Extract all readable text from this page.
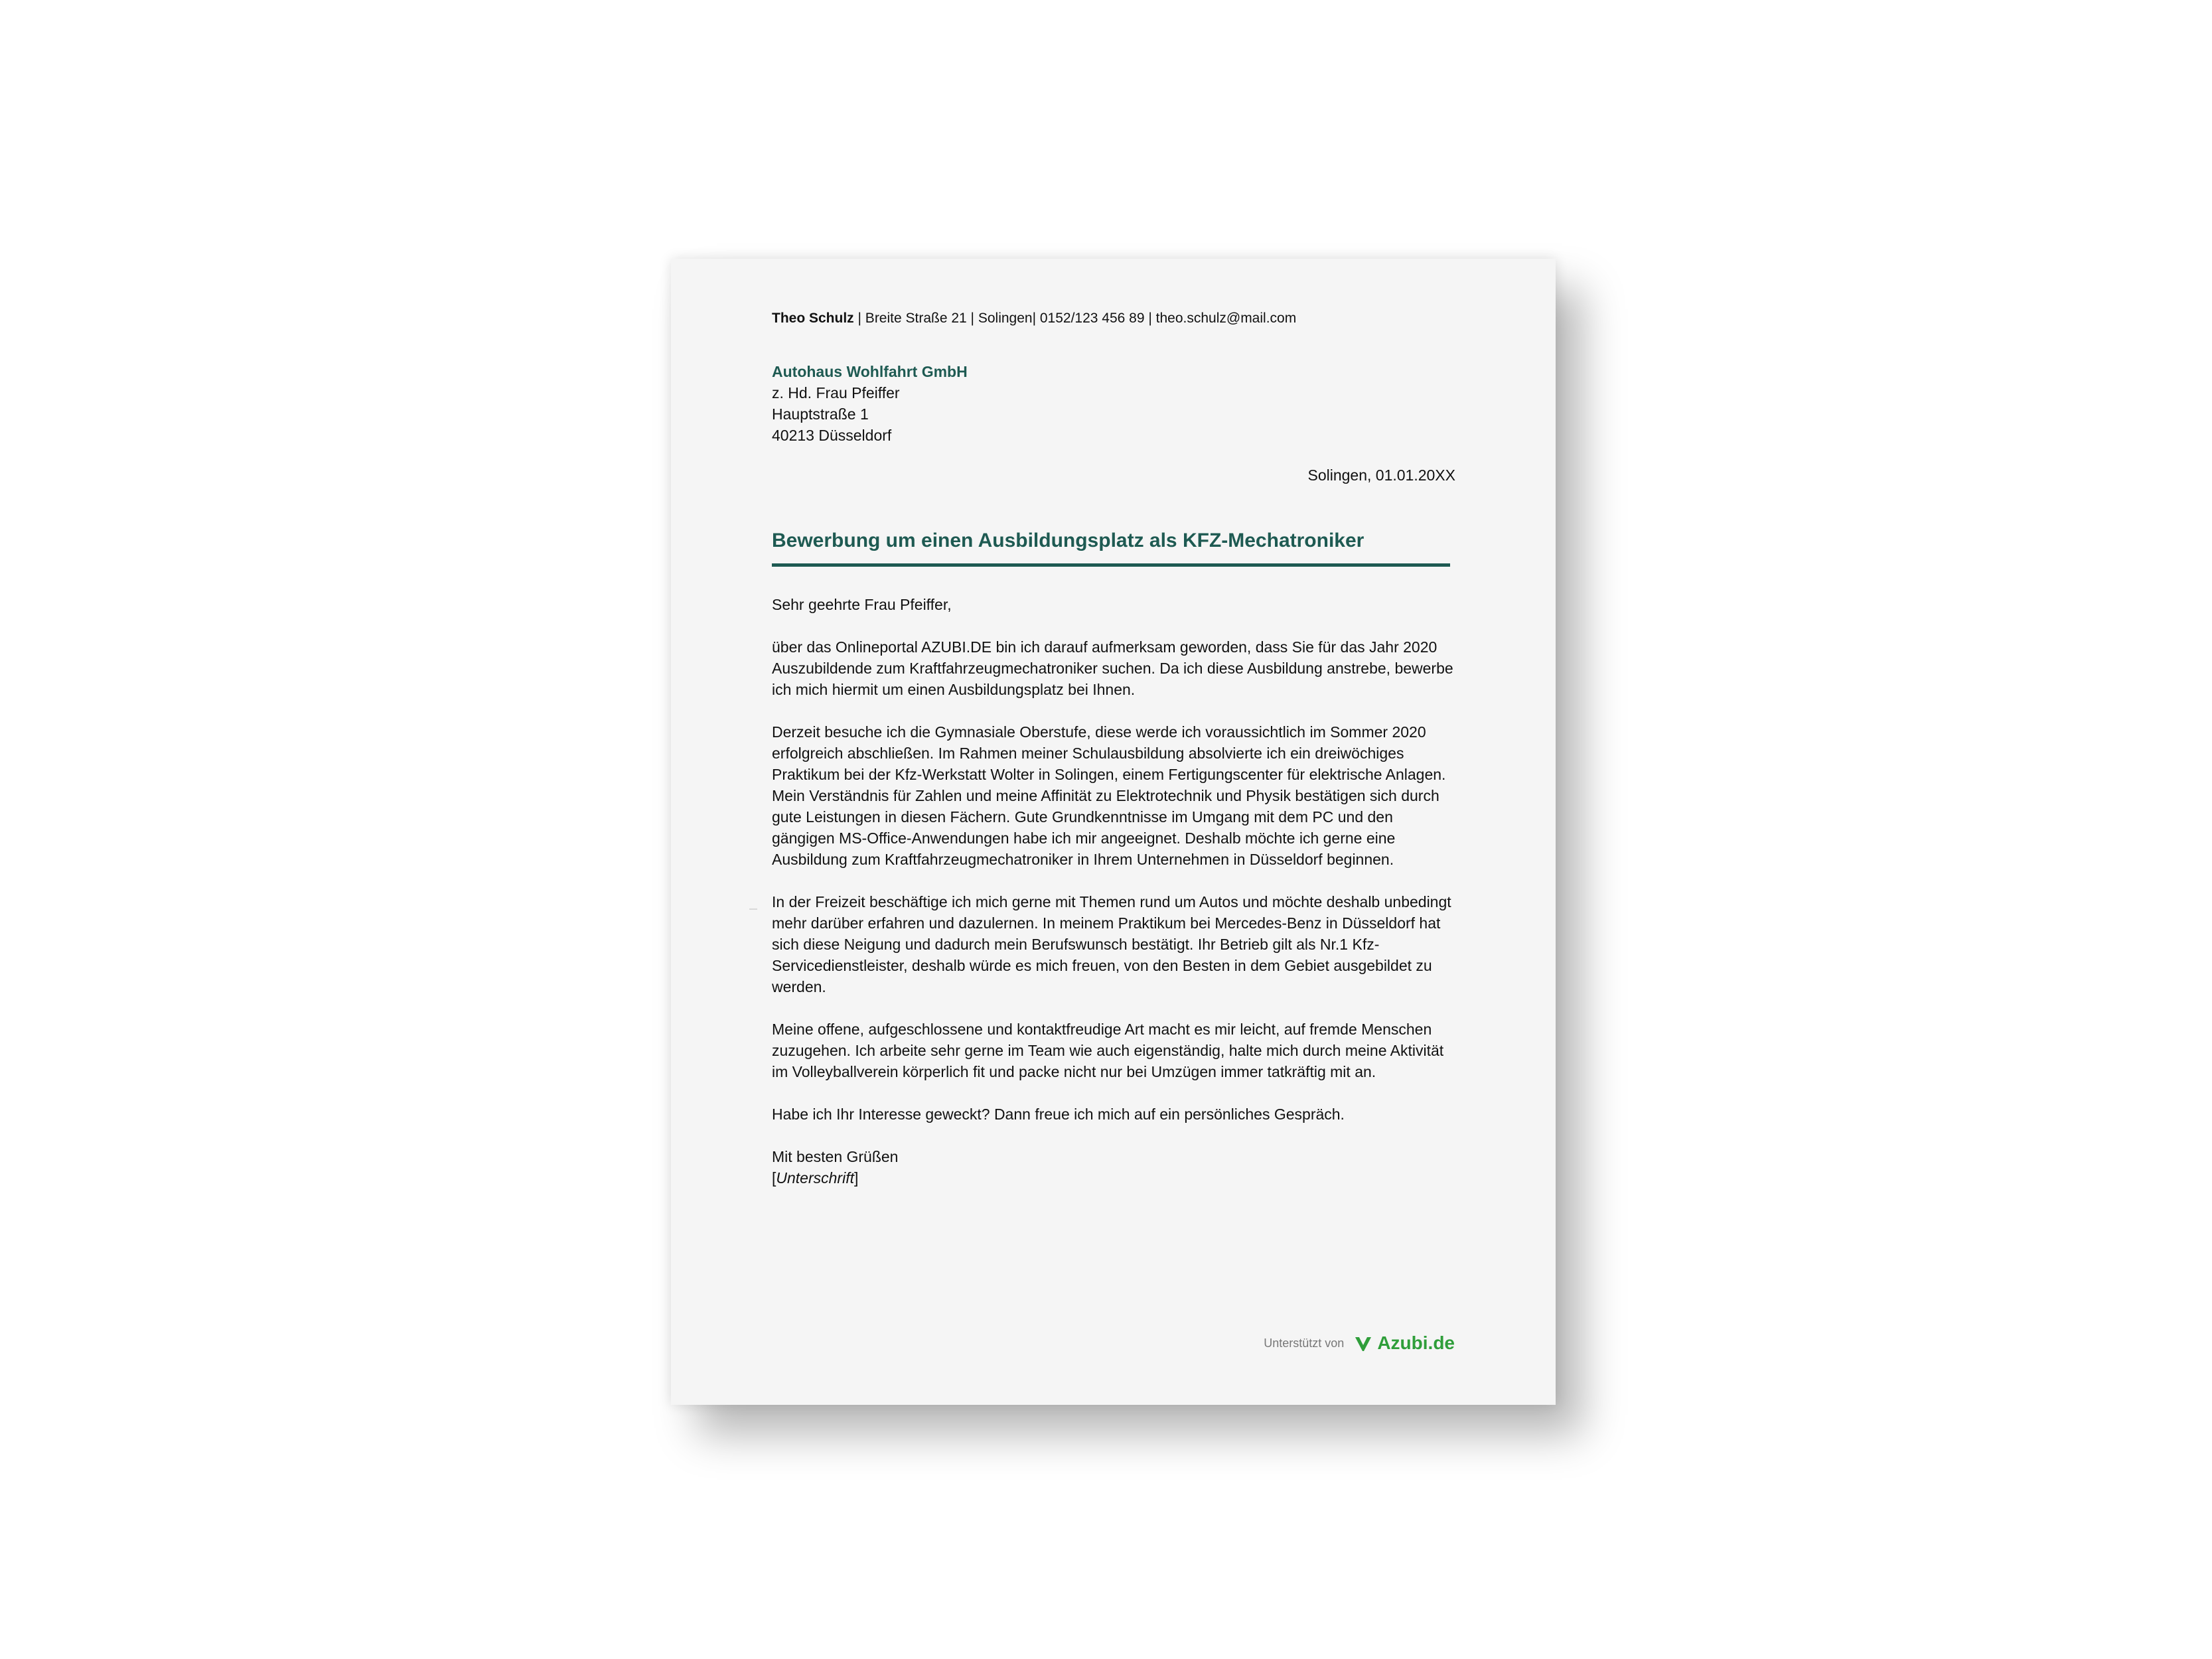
Theo Schulz | Breite Straße 21 | Solingen| 0152/123 456 89 | theo.schulz@mail.com
Autohaus Wohlfahrt GmbH
z. Hd. Frau Pfeiffer
Hauptstraße 1
40213 Düsseldorf
Solingen, 01.01.20XX
Bewerbung um einen Ausbildungsplatz als KFZ-Mechatroniker

Sehr geehrte Frau Pfeiffer,

über das Onlineportal AZUBI.DE bin ich darauf aufmerksam geworden, dass Sie für das Jahr 2020 Auszubildende zum Kraftfahrzeugmechatroniker suchen. Da ich diese Ausbildung anstrebe, bewerbe ich mich hiermit um einen Ausbildungsplatz bei Ihnen.

Derzeit besuche ich die Gymnasiale Oberstufe, diese werde ich voraussichtlich im Sommer 2020 erfolgreich abschließen. Im Rahmen meiner Schulausbildung absolvierte ich ein dreiwöchiges Praktikum bei der Kfz-Werkstatt Wolter in Solingen, einem Fertigungscenter für elektrische Anlagen. Mein Verständnis für Zahlen und meine Affinität zu Elektrotechnik und Physik bestätigen sich durch gute Leistungen in diesen Fächern. Gute Grundkenntnisse im Umgang mit dem PC und den gängigen MS-Office-Anwendungen habe ich mir angeeignet. Deshalb möchte ich gerne eine Ausbildung zum Kraftfahrzeugmechatroniker in Ihrem Unternehmen in Düsseldorf beginnen.

In der Freizeit beschäftige ich mich gerne mit Themen rund um Autos und möchte deshalb unbedingt mehr darüber erfahren und dazulernen. In meinem Praktikum bei Mercedes-Benz in Düsseldorf hat sich diese Neigung und dadurch mein Berufswunsch bestätigt. Ihr Betrieb gilt als Nr.1 Kfz-Servicedienstleister, deshalb würde es mich freuen, von den Besten in dem Gebiet ausgebildet zu werden.

Meine offene, aufgeschlossene und kontaktfreudige Art macht es mir leicht, auf fremde Menschen zuzugehen. Ich arbeite sehr gerne im Team wie auch eigenständig, halte mich durch meine Aktivität im Volleyballverein körperlich fit und packe nicht nur bei Umzügen immer tatkräftig mit an.

Habe ich Ihr Interesse geweckt? Dann freue ich mich auf ein persönliches Gespräch.

Mit besten Grüßen

[Unterschrift]

Unterstützt von Azubi.de
